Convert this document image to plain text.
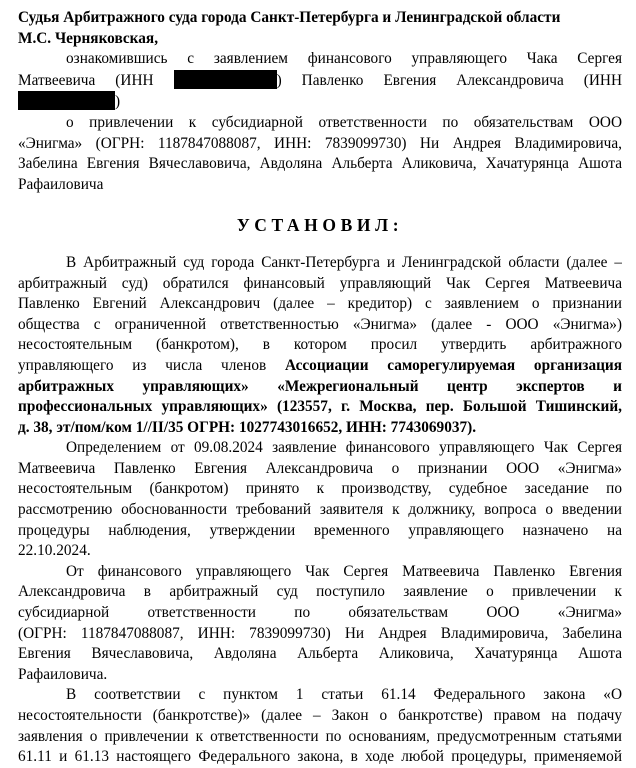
Судья Арбитражного суда города Санкт-Петербурга и Ленинградской области
М.С. Черняковская,
ознакомившись с заявлением финансового управляющего Чака Сергея
Матвеевича (ИНН	) Павленко Евгения Александровича (ИНН
)
о привлечении к субсидиарной ответственности по обязательствам ООО
«Энигма» (ОГРН: 1187847088087, ИНН: 7839099730) Ни Андрея Владимировича,
Забелина Евгения Вячеславовича, Авдоляна Альберта Аликовича, Хачатурянца Ашота
Рафаиловича
УСТАНОВИЛ:
В Арбитражный суд города Санкт-Петербурга и Ленинградской области (далее –
арбитражный суд) обратился финансовый управляющий Чак Сергея Матвеевича
Павленко Евгений Александрович (далее – кредитор) с заявлением о признании
общества с ограниченной ответственностью «Энигма» (далее - ООО «Энигма»)
несостоятельным (банкротом), в котором просил утвердить арбитражного
управляющего из числа членов Ассоциации саморегулируемая организация
арбитражных управляющих» «Межрегиональный центр экспертов и
профессиональных управляющих» (123557, г. Москва, пер. Большой Тишинский,
д. 38, эт/пом/ком 1//II/35 ОГРН: 1027743016652, ИНН: 7743069037).
Определением от 09.08.2024 заявление финансового управляющего Чак Сергея
Матвеевича Павленко Евгения Александровича о признании ООО «Энигма»
несостоятельным (банкротом) принято к производству, судебное заседание по
рассмотрению обоснованности требований заявителя к должнику, вопроса о введении
процедуры наблюдения, утверждении временного управляющего назначено на
22.10.2024.
От финансового управляющего Чак Сергея Матвеевича Павленко Евгения
Александровича в арбитражный суд поступило заявление о привлечении к
субсидиарной ответственности по обязательствам ООО «Энигма»
(ОГРН: 1187847088087, ИНН: 7839099730) Ни Андрея Владимировича, Забелина
Евгения Вячеславовича, Авдоляна Альберта Аликовича, Хачатурянца Ашота
Рафаиловича.
В соответствии с пунктом 1 статьи 61.14 Федерального закона «О
несостоятельности (банкротстве)» (далее – Закон о банкротстве) правом на подачу
заявления о привлечении к ответственности по основаниям, предусмотренным статьями
61.11 и 61.13 настоящего Федерального закона, в ходе любой процедуры, применяемой
